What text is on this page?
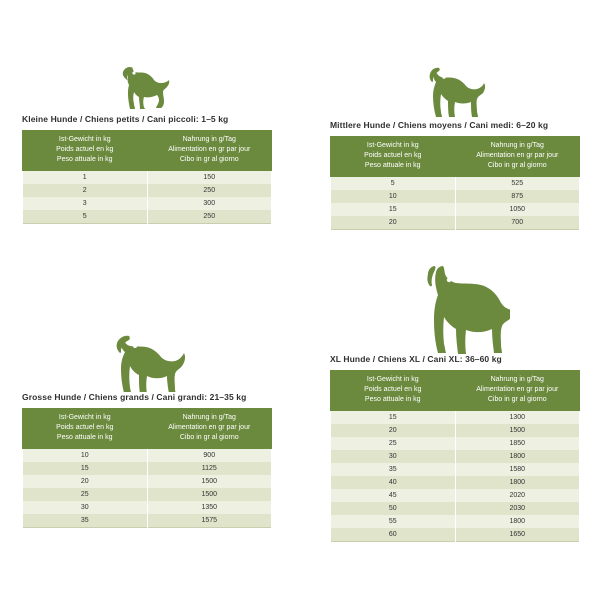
Kleine Hunde / Chiens petits / Cani piccoli: 1–5 kg
Ist-Gewicht in kg
Poids actuel en kg
Peso attuale in kg	Nahrung in g/Tag
Alimentation en gr par jour
Cibo in gr al giorno

1	150
2	250
3	300
5	250
Mittlere Hunde / Chiens moyens / Cani medi: 6–20 kg
Ist-Gewicht in kg
Poids actuel en kg
Peso attuale in kg	Nahrung in g/Tag
Alimentation en gr par jour
Cibo in gr al giorno

5	525
10	875
15	1050
20	700
Grosse Hunde / Chiens grands / Cani grandi: 21–35 kg
Ist-Gewicht in kg
Poids actuel en kg
Peso attuale in kg	Nahrung in g/Tag
Alimentation en gr par jour
Cibo in gr al giorno

10	900
15	1125
20	1500
25	1500
30	1350
35	1575
XL Hunde / Chiens XL / Cani XL: 36–60 kg
Ist-Gewicht in kg
Poids actuel en kg
Peso attuale in kg	Nahrung in g/Tag
Alimentation en gr par jour
Cibo in gr al giorno

15	1300
20	1500
25	1850
30	1800
35	1580
40	1800
45	2020
50	2030
55	1800
60	1650
